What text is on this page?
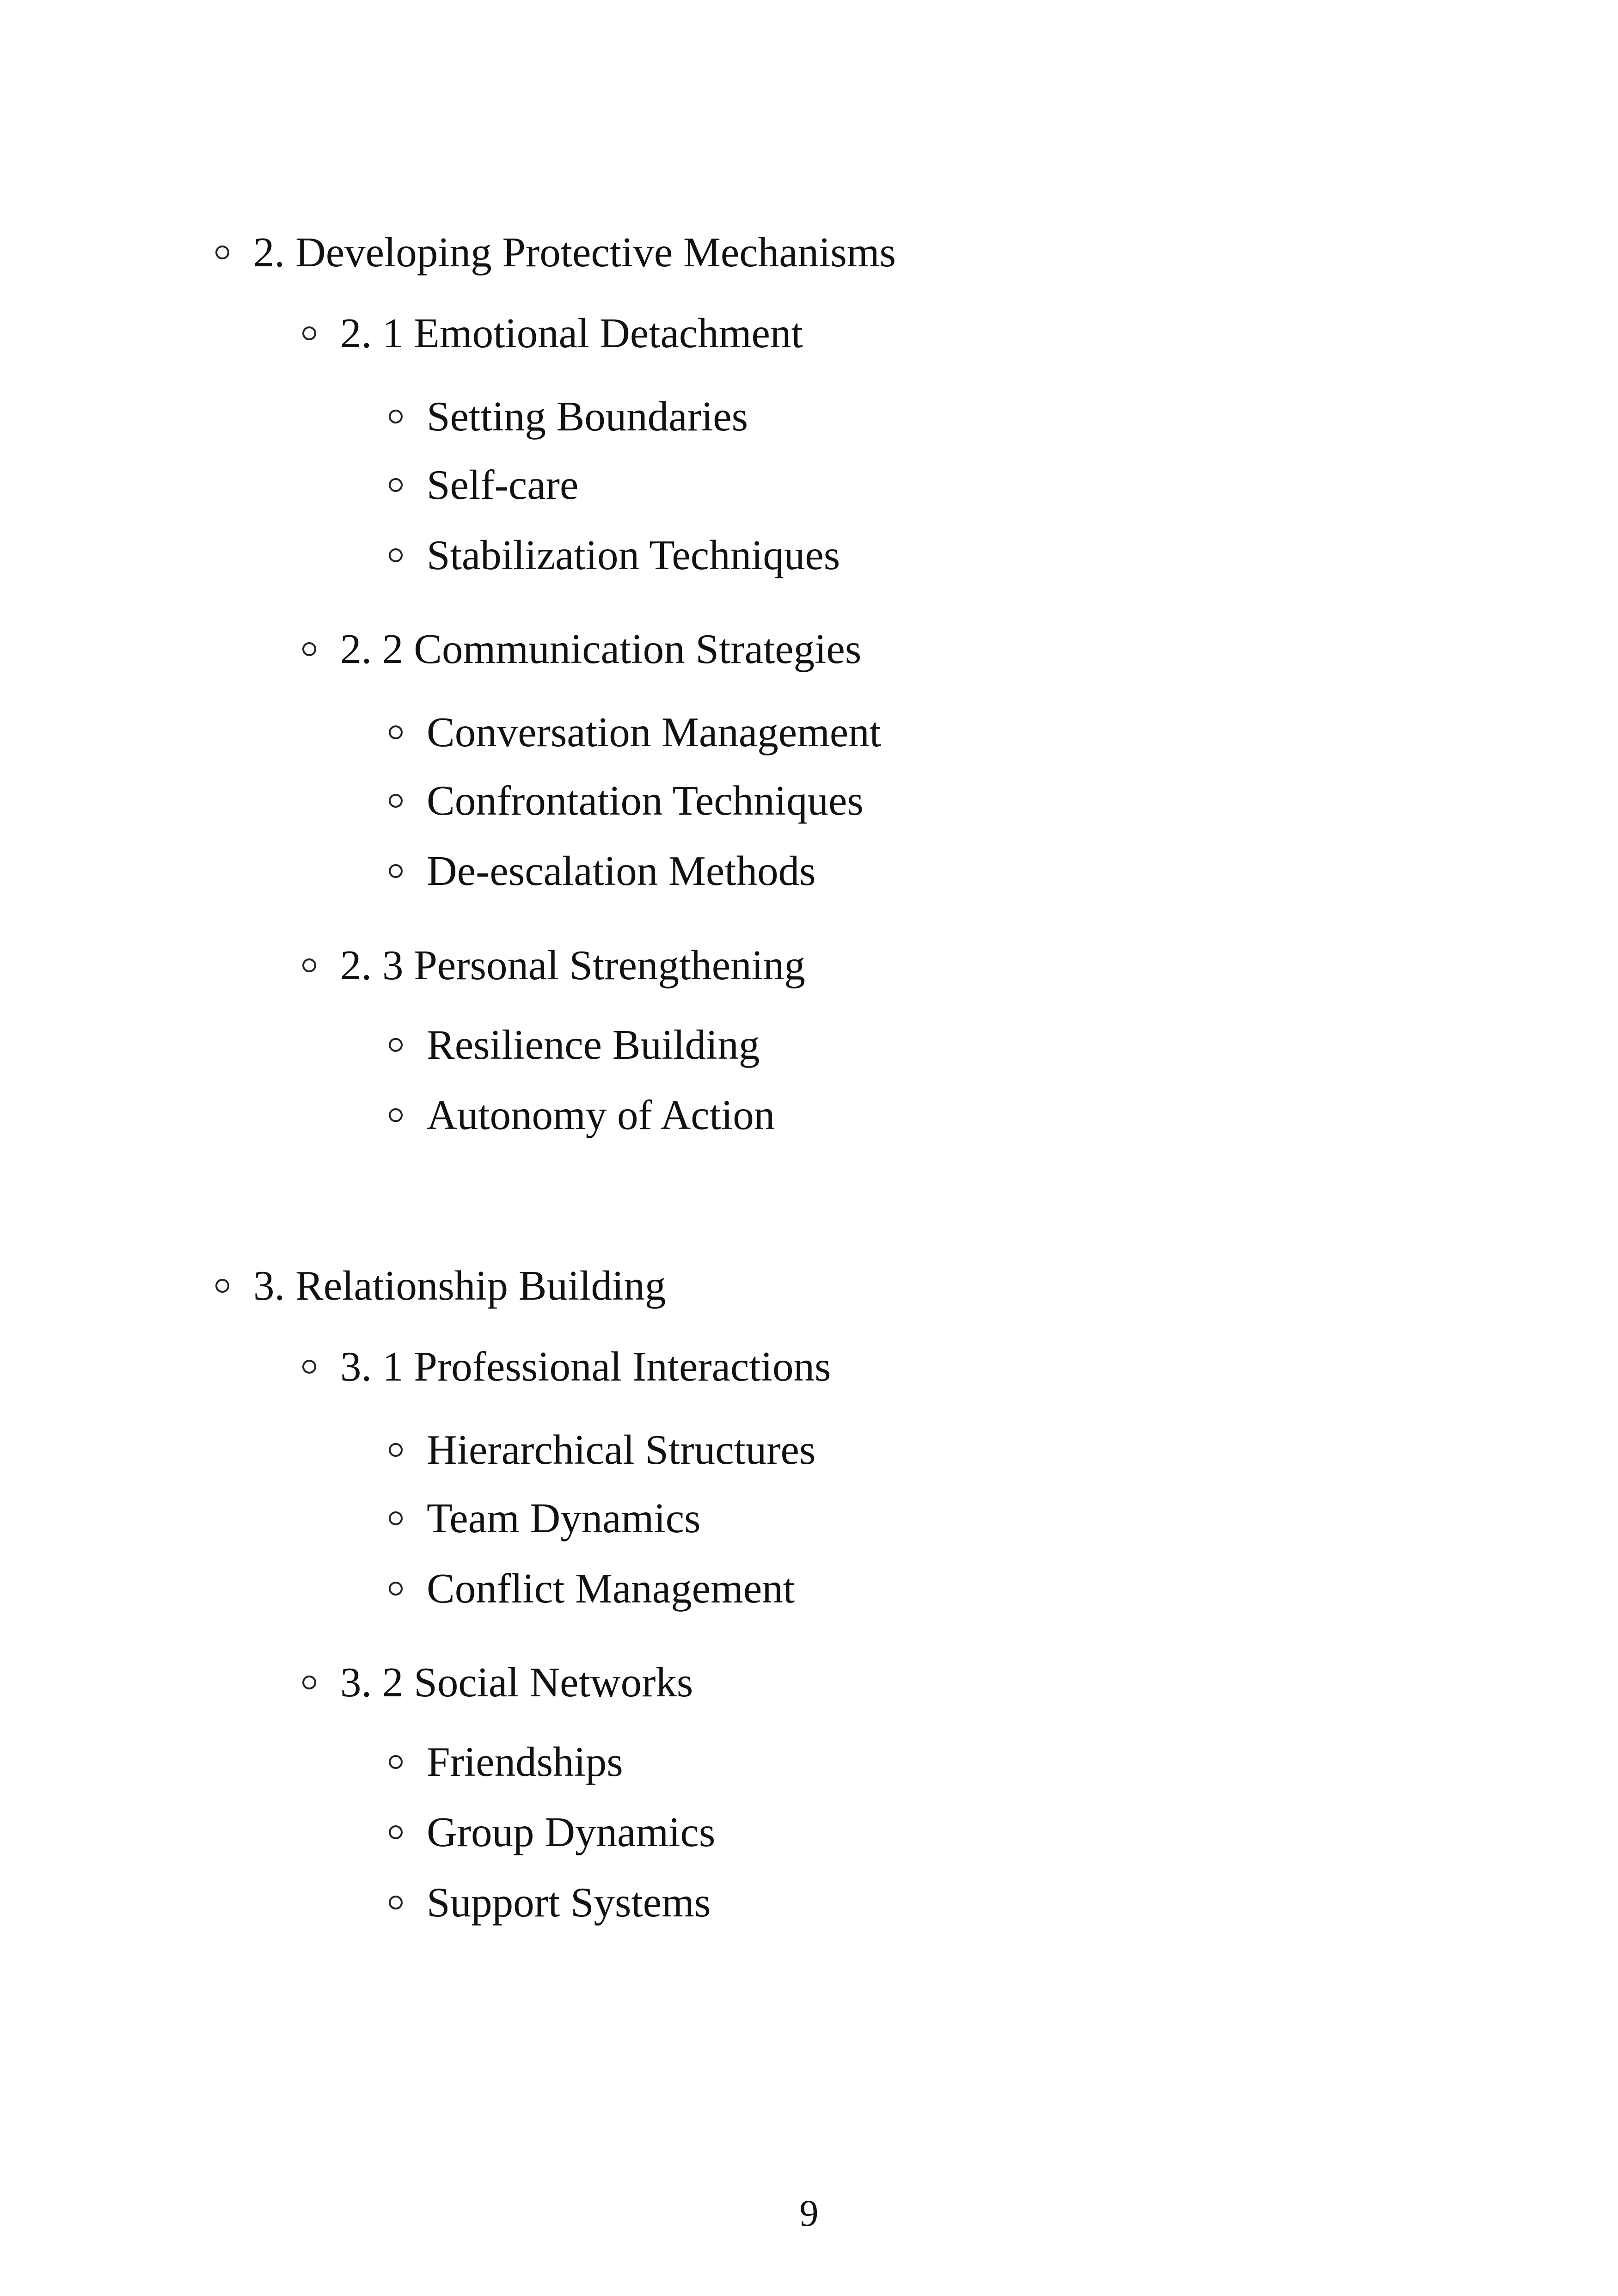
2. Developing Protective Mechanisms
2. 1 Emotional Detachment
Setting Boundaries
Self-care
Stabilization Techniques
2. 2 Communication Strategies
Conversation Management
Confrontation Techniques
De-escalation Methods
2. 3 Personal Strengthening
Resilience Building
Autonomy of Action
3. Relationship Building
3. 1 Professional Interactions
Hierarchical Structures
Team Dynamics
Conflict Management
3. 2 Social Networks
Friendships
Group Dynamics
Support Systems
9
